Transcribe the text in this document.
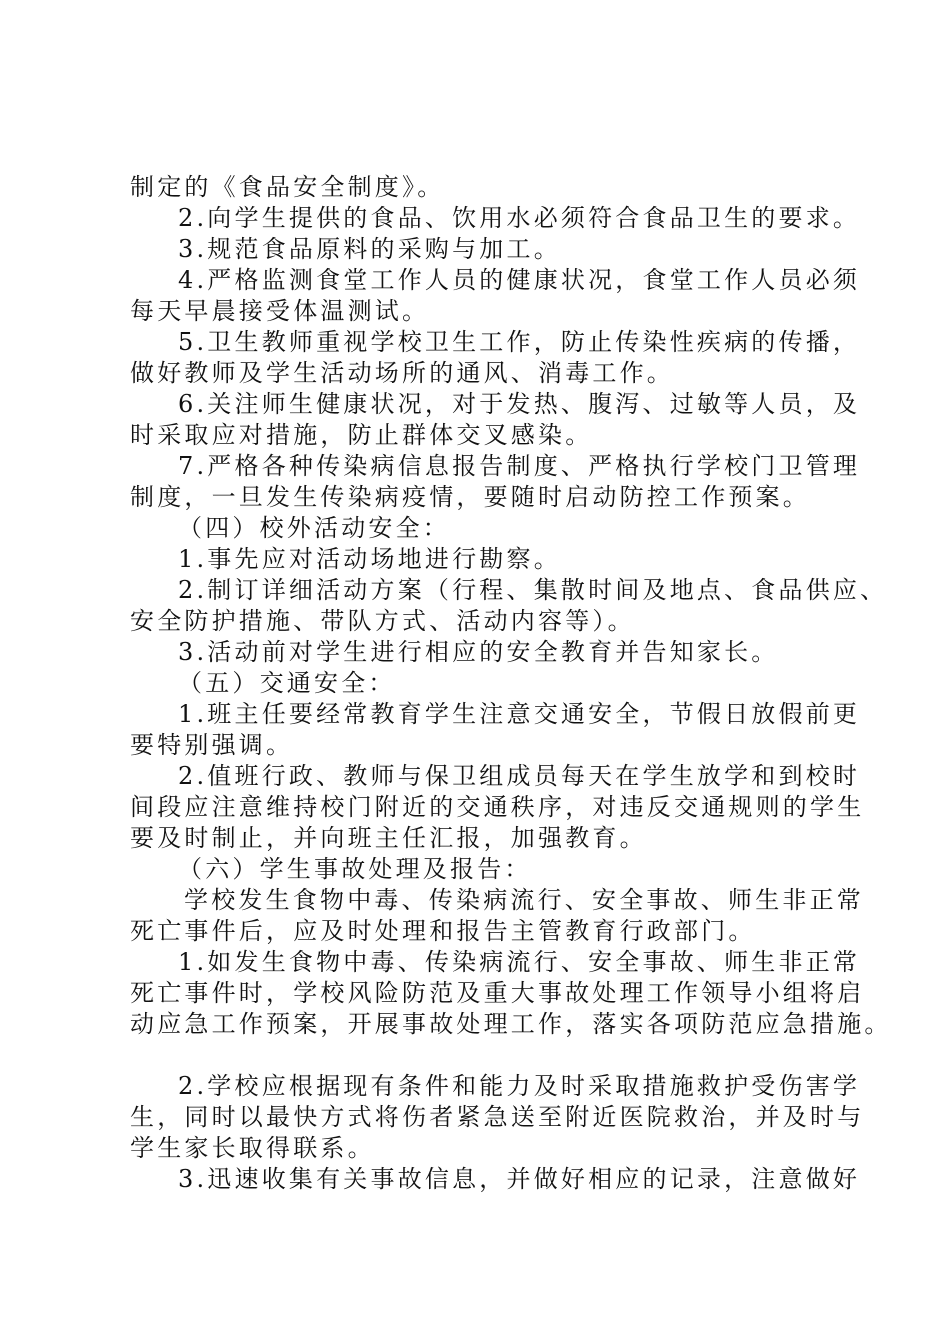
制定的《食品安全制度》。

2.向学生提供的食品、饮用水必须符合食品卫生的要求。

3.规范食品原料的采购与加工。

4.严格监测食堂工作人员的健康状况，食堂工作人员必须

每天早晨接受体温测试。

5.卫生教师重视学校卫生工作，防止传染性疾病的传播，

做好教师及学生活动场所的通风、消毒工作。

6.关注师生健康状况，对于发热、腹泻、过敏等人员，及

时采取应对措施，防止群体交叉感染。

7.严格各种传染病信息报告制度、严格执行学校门卫管理

制度，一旦发生传染病疫情，要随时启动防控工作预案。

（四）校外活动安全：

1.事先应对活动场地进行勘察。

2.制订详细活动方案（行程、集散时间及地点、食品供应、

安全防护措施、带队方式、活动内容等）。

3.活动前对学生进行相应的安全教育并告知家长。

（五）交通安全：

1.班主任要经常教育学生注意交通安全，节假日放假前更

要特别强调。

2.值班行政、教师与保卫组成员每天在学生放学和到校时

间段应注意维持校门附近的交通秩序，对违反交通规则的学生

要及时制止，并向班主任汇报，加强教育。

（六）学生事故处理及报告：

学校发生食物中毒、传染病流行、安全事故、师生非正常

死亡事件后，应及时处理和报告主管教育行政部门。

1.如发生食物中毒、传染病流行、安全事故、师生非正常

死亡事件时，学校风险防范及重大事故处理工作领导小组将启

动应急工作预案，开展事故处理工作，落实各项防范应急措施。

2.学校应根据现有条件和能力及时采取措施救护受伤害学

生，同时以最快方式将伤者紧急送至附近医院救治，并及时与

学生家长取得联系。

3.迅速收集有关事故信息，并做好相应的记录，注意做好
